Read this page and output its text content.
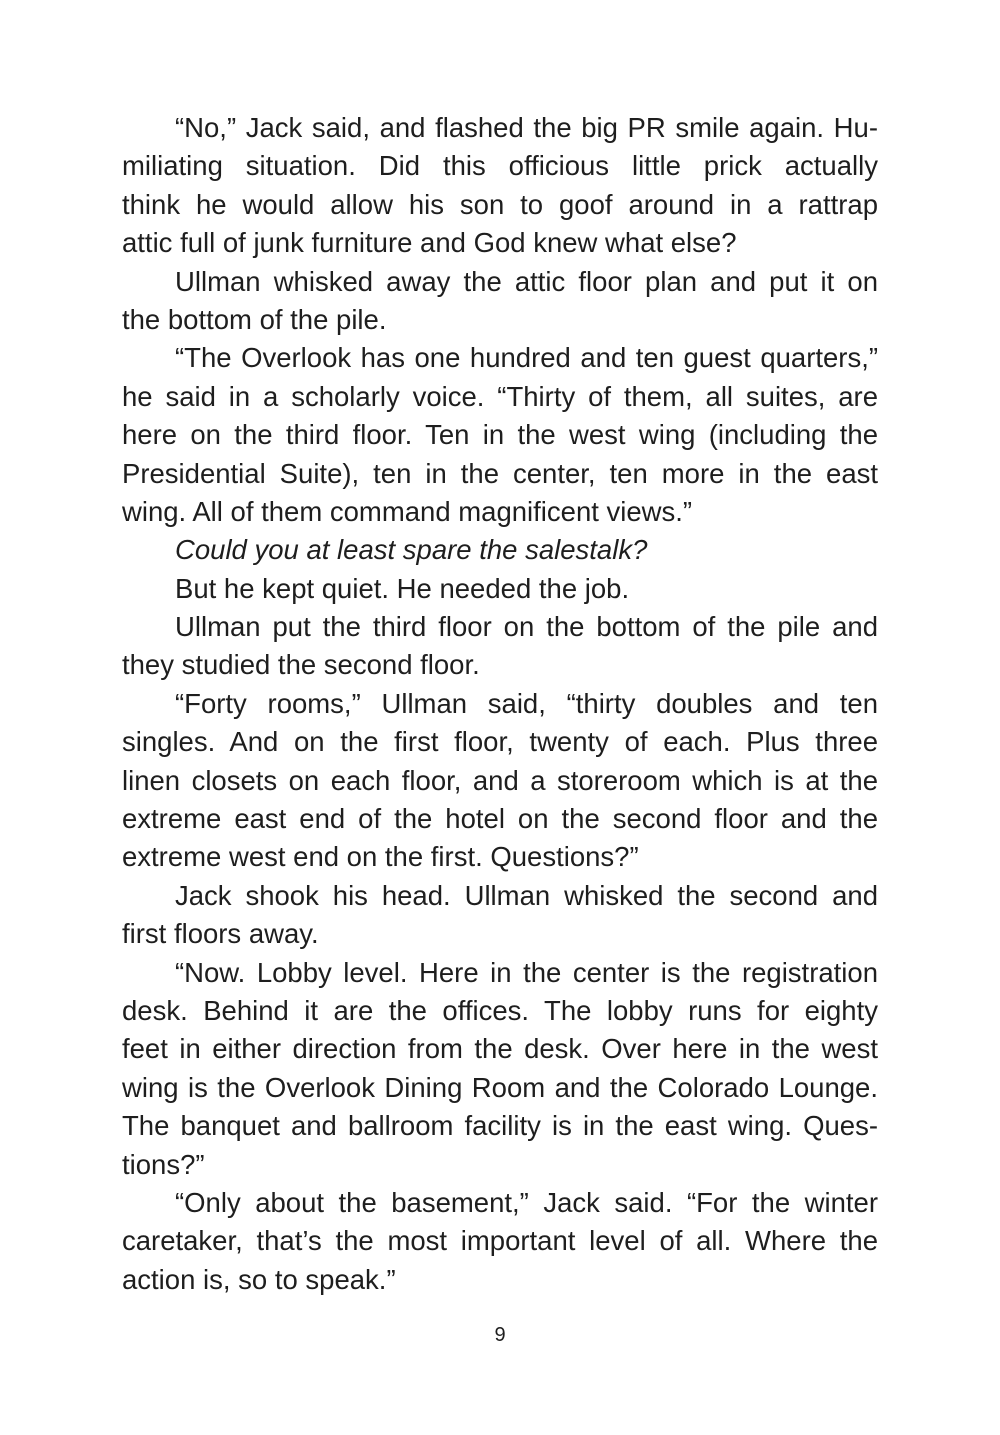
“No,” Jack said, and flashed the big PR smile again. Hu-
miliating situation. Did this officious little prick actually
think he would allow his son to goof around in a rattrap
attic full of junk furniture and God knew what else?
Ullman whisked away the attic floor plan and put it on
the bottom of the pile.
“The Overlook has one hundred and ten guest quarters,”
he said in a scholarly voice. “Thirty of them, all suites, are
here on the third floor. Ten in the west wing (including the
Presidential Suite), ten in the center, ten more in the east
wing. All of them command magnificent views.”
Could you at least spare the salestalk?
But he kept quiet. He needed the job.
Ullman put the third floor on the bottom of the pile and
they studied the second floor.
“Forty rooms,” Ullman said, “thirty doubles and ten
singles. And on the first floor, twenty of each. Plus three
linen closets on each floor, and a storeroom which is at the
extreme east end of the hotel on the second floor and the
extreme west end on the first. Questions?”
Jack shook his head. Ullman whisked the second and
first floors away.
“Now. Lobby level. Here in the center is the registration
desk. Behind it are the offices. The lobby runs for eighty
feet in either direction from the desk. Over here in the west
wing is the Overlook Dining Room and the Colorado Lounge.
The banquet and ballroom facility is in the east wing. Ques-
tions?”
“Only about the basement,” Jack said. “For the winter
caretaker, that’s the most important level of all. Where the
action is, so to speak.”
9
